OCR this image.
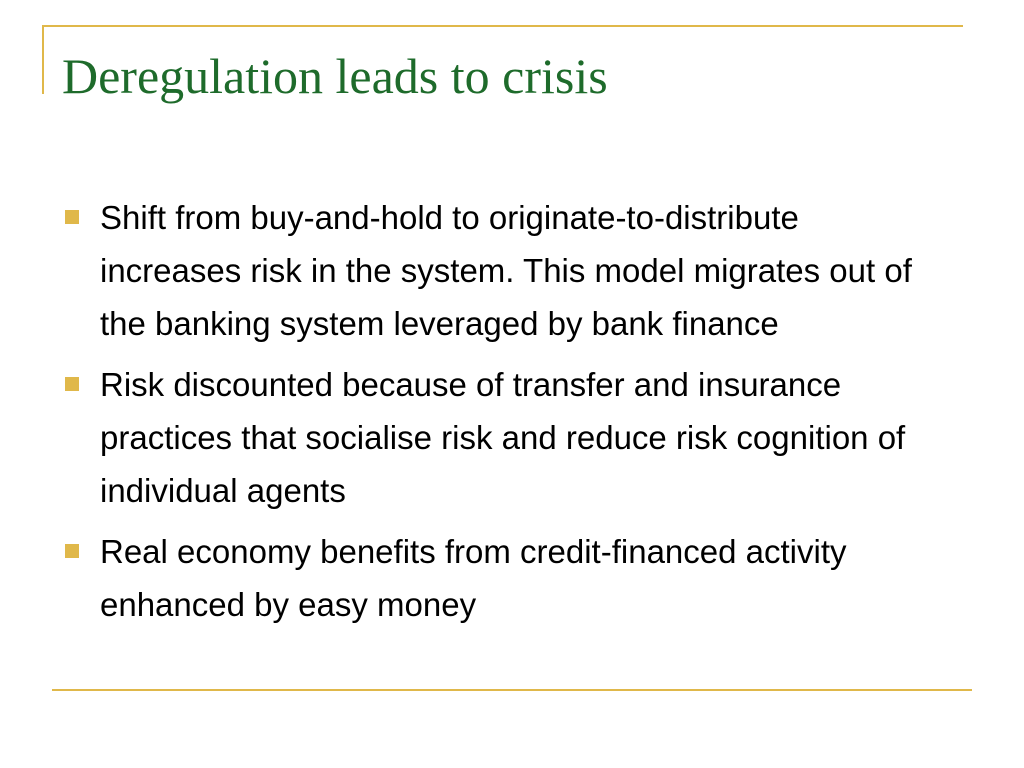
Deregulation leads to crisis
Shift from buy-and-hold to originate-to-distribute increases risk in the system. This model migrates out of the banking system leveraged by bank finance
Risk discounted because of transfer and insurance practices that socialise risk and reduce risk cognition of individual agents
Real economy benefits from credit-financed activity enhanced by easy money
